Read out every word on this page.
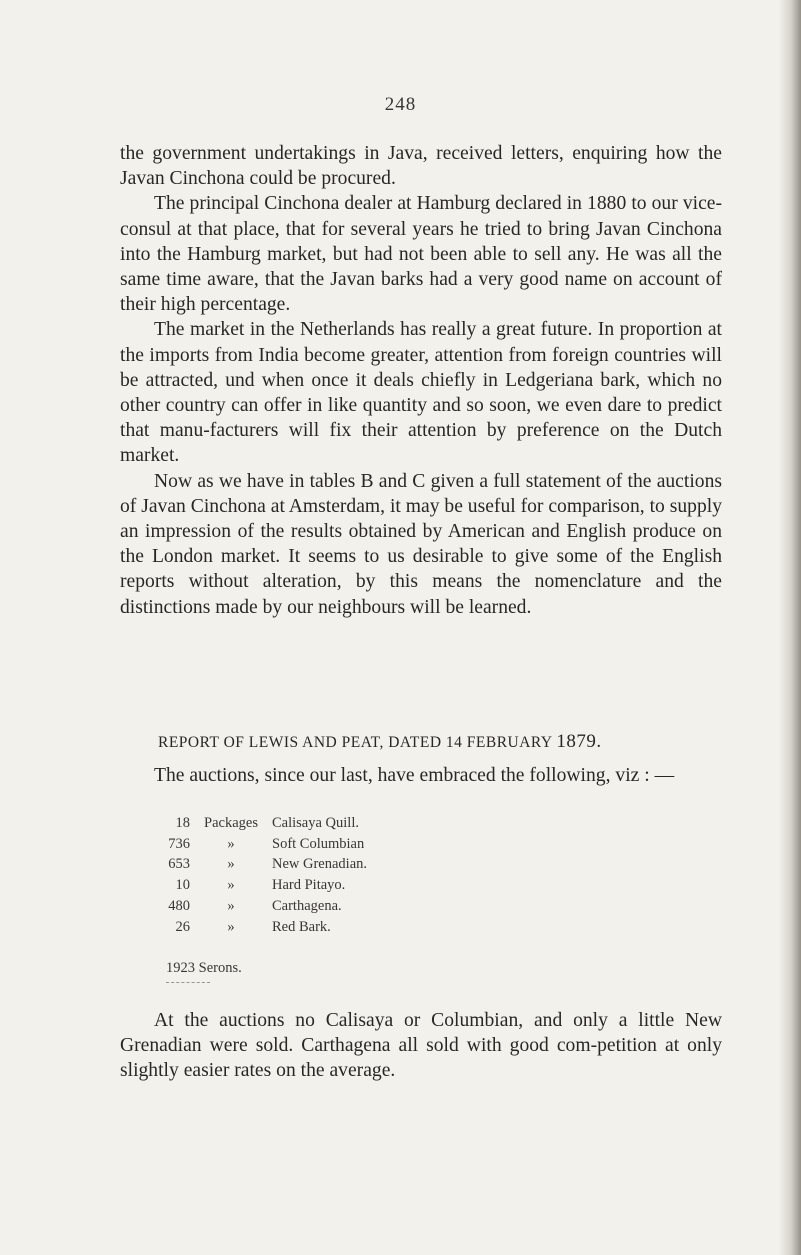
248

the government undertakings in Java, received letters, enquiring how the Javan Cinchona could be procured.

The principal Cinchona dealer at Hamburg declared in 1880 to our vice-consul at that place, that for several years he tried to bring Javan Cinchona into the Hamburg market, but had not been able to sell any. He was all the same time aware, that the Javan barks had a very good name on account of their high percentage.

The market in the Netherlands has really a great future. In proportion at the imports from India become greater, attention from foreign countries will be attracted, und when once it deals chiefly in Ledgeriana bark, which no other country can offer in like quantity and so soon, we even dare to predict that manu-facturers will fix their attention by preference on the Dutch market.

Now as we have in tables B and C given a full statement of the auctions of Javan Cinchona at Amsterdam, it may be useful for comparison, to supply an impression of the results obtained by American and English produce on the London market. It seems to us desirable to give some of the English reports without alteration, by this means the nomenclature and the distinctions made by our neighbours will be learned.

REPORT OF LEWIS AND PEAT, DATED 14 FEBRUARY 1879.

The auctions, since our last, have embraced the following, viz : —

18	Packages	Calisaya Quill.
736	»	Soft Columbian
653	»	New Grenadian.
10	»	Hard Pitayo.
480	»	Carthagena.
26	»	Red Bark.
1923 Serons.

At the auctions no Calisaya or Columbian, and only a little New Grenadian were sold. Carthagena all sold with good com-petition at only slightly easier rates on the average.
